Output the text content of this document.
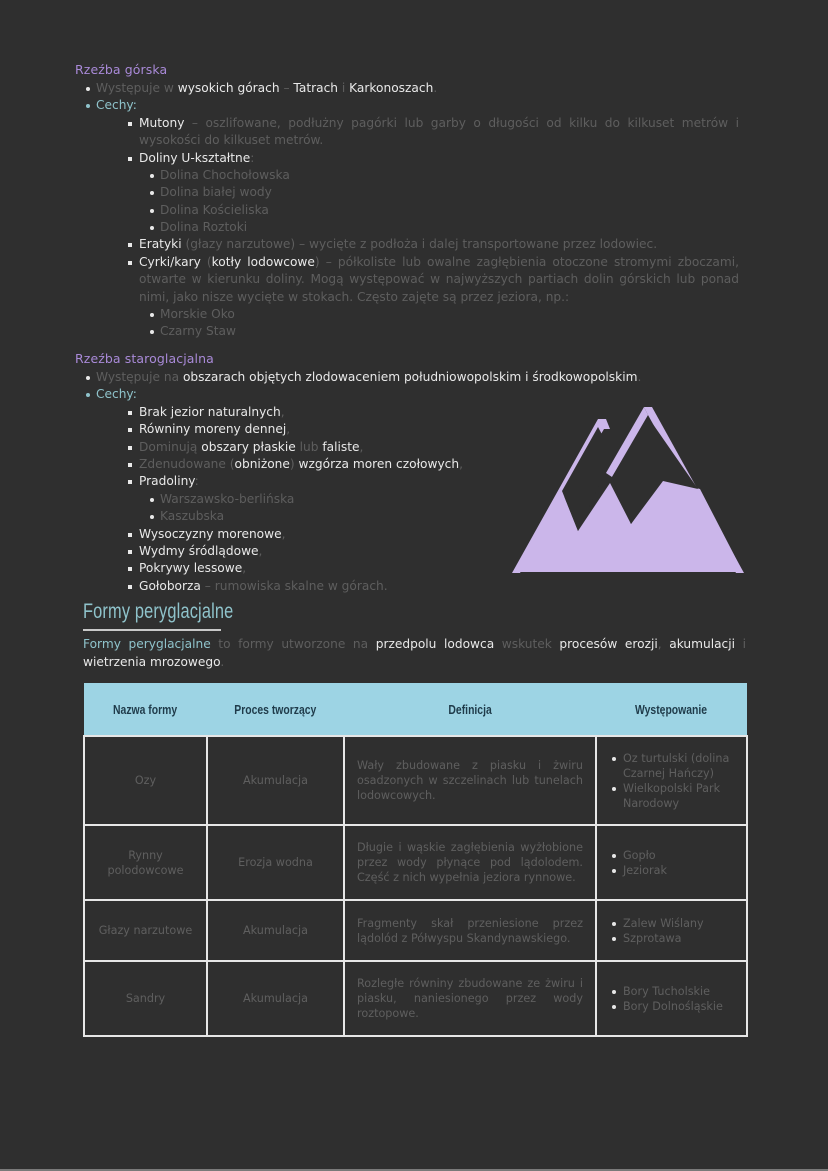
Rzeźba górska
Występuje w wysokich górach – Tatrach i Karkonoszach.
Cechy:
Mutony – oszlifowane, podłużny pagórki lub garby o długości od kilku do kilkuset metrów i
wysokości do kilkuset metrów.
Doliny U-kształtne:
Dolina Chochołowska
Dolina białej wody
Dolina Kościeliska
Dolina Roztoki
Eratyki (głazy narzutowe) – wycięte z podłoża i dalej transportowane przez lodowiec.
Cyrki/kary (kotły lodowcowe) – półkoliste lub owalne zagłębienia otoczone stromymi zboczami,
otwarte w kierunku doliny. Mogą występować w najwyższych partiach dolin górskich lub ponad
nimi, jako nisze wycięte w stokach. Często zajęte są przez jeziora, np.:
Morskie Oko
Czarny Staw
Rzeźba staroglacjalna
Występuje na obszarach objętych zlodowaceniem południowopolskim i środkowopolskim.
Cechy:
Brak jezior naturalnych,
Równiny moreny dennej,
Dominują obszary płaskie lub faliste,
Zdenudowane (obniżone) wzgórza moren czołowych,
Pradoliny:
Warszawsko-berlińska
Kaszubska
Wysoczyzny morenowe,
Wydmy śródlądowe,
Pokrywy lessowe,
Gołoborza – rumowiska skalne w górach.
Formy peryglacjalne
Formy peryglacjalne to formy utworzone na przedpolu lodowca wskutek procesów erozji, akumulacji i
wietrzenia mrozowego.
Nazwa formy	Proces tworzący	Definicja	Występowanie
Ozy	Akumulacja	Wały zbudowane z piasku i żwiru osadzonych w szczelinach lub tunelach lodowcowych.	
Oz turtulski (dolina Czarnej Hańczy)
Wielkopolski Park Narodowy

Rynny polodowcowe	Erozja wodna	Długie i wąskie zagłębienia wyżłobione przez wody płynące pod lądolodem. Część z nich wypełnia jeziora rynnowe.	
Gopło
Jeziorak

Głazy narzutowe	Akumulacja	Fragmenty skał przeniesione przez lądolód z Półwyspu Skandynawskiego.	
Zalew Wiślany
Szprotawa

Sandry	Akumulacja	Rozległe równiny zbudowane ze żwiru i piasku, naniesionego przez wody roztopowe.	
Bory Tucholskie
Bory Dolnośląskie
